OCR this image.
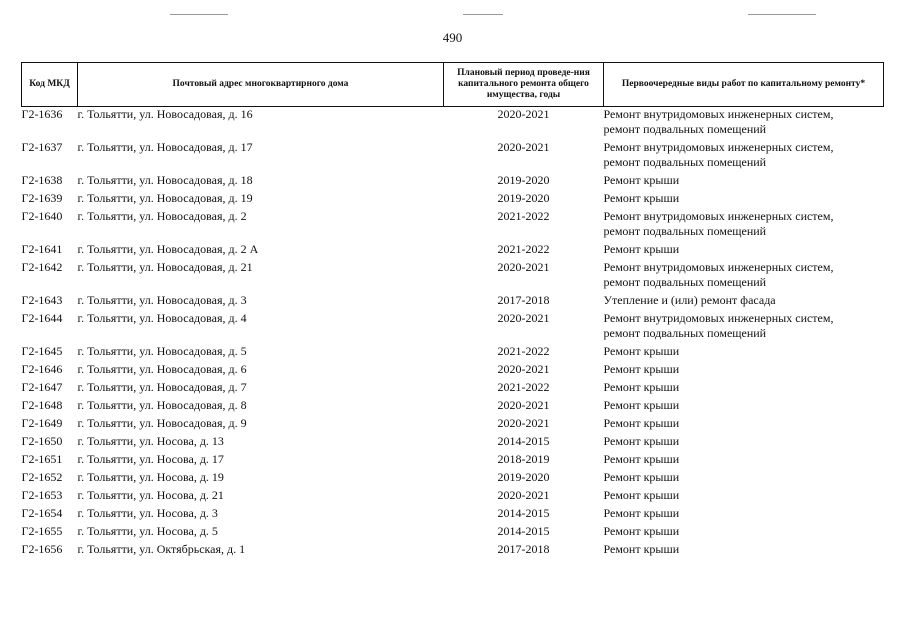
490
Код МКД	Почтовый адрес многоквартирного дома	Плановый период проведе-ния капитального ремонта общего имущества, годы	Первоочередные виды работ по капитальному ремонту*
Г2-1636	г. Тольятти, ул. Новосадовая, д. 16	2020-2021	Ремонт внутридомовых инженерных систем,
ремонт подвальных помещений

Г2-1637	г. Тольятти, ул. Новосадовая, д. 17	2020-2021	Ремонт внутридомовых инженерных систем,
ремонт подвальных помещений

Г2-1638	г. Тольятти, ул. Новосадовая, д. 18	2019-2020	Ремонт крыши

Г2-1639	г. Тольятти, ул. Новосадовая, д. 19	2019-2020	Ремонт крыши

Г2-1640	г. Тольятти, ул. Новосадовая, д. 2	2021-2022	Ремонт внутридомовых инженерных систем,
ремонт подвальных помещений

Г2-1641	г. Тольятти, ул. Новосадовая, д. 2 А	2021-2022	Ремонт крыши

Г2-1642	г. Тольятти, ул. Новосадовая, д. 21	2020-2021	Ремонт внутридомовых инженерных систем,
ремонт подвальных помещений

Г2-1643	г. Тольятти, ул. Новосадовая, д. 3	2017-2018	Утепление и (или) ремонт фасада

Г2-1644	г. Тольятти, ул. Новосадовая, д. 4	2020-2021	Ремонт внутридомовых инженерных систем,
ремонт подвальных помещений

Г2-1645	г. Тольятти, ул. Новосадовая, д. 5	2021-2022	Ремонт крыши

Г2-1646	г. Тольятти, ул. Новосадовая, д. 6	2020-2021	Ремонт крыши

Г2-1647	г. Тольятти, ул. Новосадовая, д. 7	2021-2022	Ремонт крыши

Г2-1648	г. Тольятти, ул. Новосадовая, д. 8	2020-2021	Ремонт крыши

Г2-1649	г. Тольятти, ул. Новосадовая, д. 9	2020-2021	Ремонт крыши

Г2-1650	г. Тольятти, ул. Носова, д. 13	2014-2015	Ремонт крыши

Г2-1651	г. Тольятти, ул. Носова, д. 17	2018-2019	Ремонт крыши

Г2-1652	г. Тольятти, ул. Носова, д. 19	2019-2020	Ремонт крыши

Г2-1653	г. Тольятти, ул. Носова, д. 21	2020-2021	Ремонт крыши

Г2-1654	г. Тольятти, ул. Носова, д. 3	2014-2015	Ремонт крыши

Г2-1655	г. Тольятти, ул. Носова, д. 5	2014-2015	Ремонт крыши

Г2-1656	г. Тольятти, ул. Октябрьская, д. 1	2017-2018	Ремонт крыши
